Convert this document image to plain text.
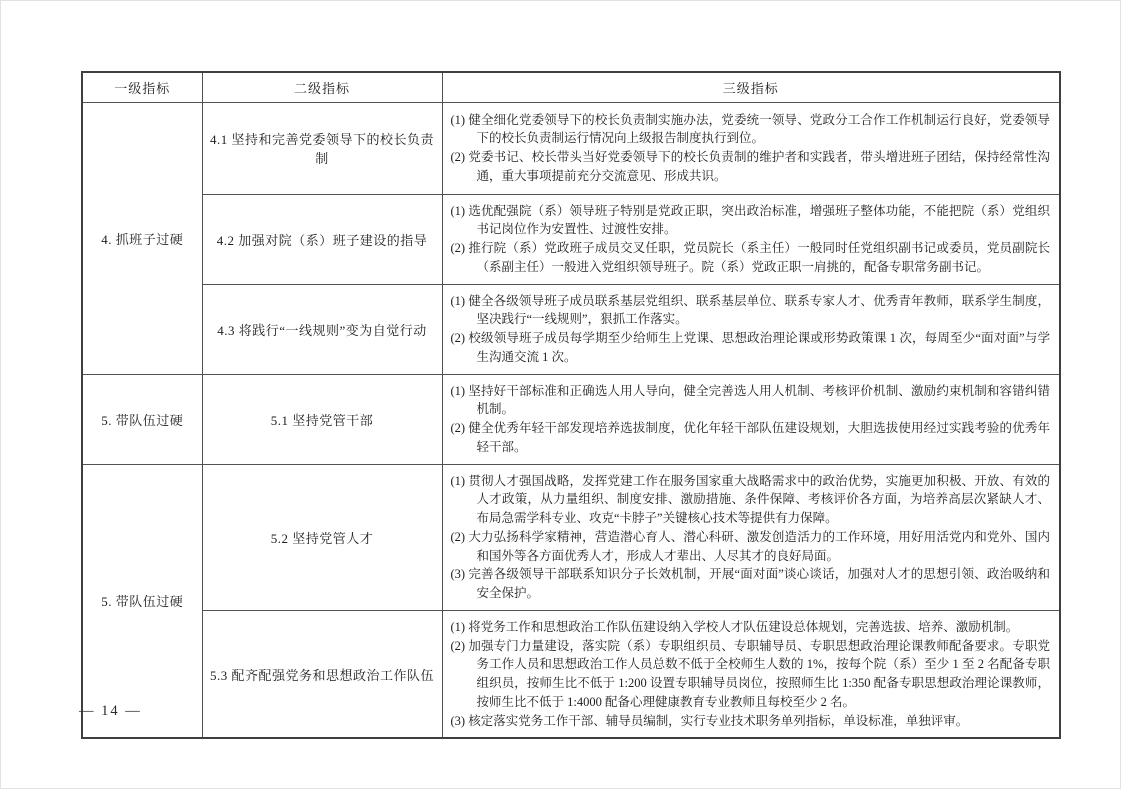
一级指标	二级指标	三级指标
4. 抓班子过硬	4.1 坚持和完善党委领导下的校长负责制	(1) 健全细化党委领导下的校长负责制实施办法，党委统一领导、党政分工合作工作机制运行良好，党委领导下的校长负责制运行情况向上级报告制度执行到位。

(2) 党委书记、校长带头当好党委领导下的校长负责制的维护者和实践者，带头增进班子团结，保持经常性沟通，重大事项提前充分交流意见、形成共识。

	4.2 加强对院（系）班子建设的指导	(1) 选优配强院（系）领导班子特别是党政正职，突出政治标准，增强班子整体功能，不能把院（系）党组织书记岗位作为安置性、过渡性安排。

(2) 推行院（系）党政班子成员交叉任职，党员院长（系主任）一般同时任党组织副书记或委员，党员副院长（系副主任）一般进入党组织领导班子。院（系）党政正职一肩挑的，配备专职常务副书记。

	4.3 将践行“一线规则”变为自觉行动	(1) 健全各级领导班子成员联系基层党组织、联系基层单位、联系专家人才、优秀青年教师，联系学生制度，坚决践行“一线规则”，狠抓工作落实。

(2) 校级领导班子成员每学期至少给师生上党课、思想政治理论课或形势政策课 1 次，每周至少“面对面”与学生沟通交流 1 次。

5. 带队伍过硬	5.1 坚持党管干部	(1) 坚持好干部标准和正确选人用人导向，健全完善选人用人机制、考核评价机制、激励约束机制和容错纠错机制。

(2) 健全优秀年轻干部发现培养选拔制度，优化年轻干部队伍建设规划，大胆选拔使用经过实践考验的优秀年轻干部。

5. 带队伍过硬	5.2 坚持党管人才	(1) 贯彻人才强国战略，发挥党建工作在服务国家重大战略需求中的政治优势，实施更加积极、开放、有效的人才政策，从力量组织、制度安排、激励措施、条件保障、考核评价各方面，为培养高层次紧缺人才、布局急需学科专业、攻克“卡脖子”关键核心技术等提供有力保障。

(2) 大力弘扬科学家精神，营造潜心育人、潜心科研、激发创造活力的工作环境，用好用活党内和党外、国内和国外等各方面优秀人才，形成人才辈出、人尽其才的良好局面。

(3) 完善各级领导干部联系知识分子长效机制，开展“面对面”谈心谈话，加强对人才的思想引领、政治吸纳和安全保护。

	5.3 配齐配强党务和思想政治工作队伍	(1) 将党务工作和思想政治工作队伍建设纳入学校人才队伍建设总体规划，完善选拔、培养、激励机制。

(2) 加强专门力量建设，落实院（系）专职组织员、专职辅导员、专职思想政治理论课教师配备要求。专职党务工作人员和思想政治工作人员总数不低于全校师生人数的 1%，按每个院（系）至少 1 至 2 名配备专职组织员，按师生比不低于 1:200 设置专职辅导员岗位，按照师生比 1:350 配备专职思想政治理论课教师，按师生比不低于 1:4000 配备心理健康教育专业教师且每校至少 2 名。

(3) 核定落实党务工作干部、辅导员编制，实行专业技术职务单列指标，单设标准，单独评审。

— 14 —
